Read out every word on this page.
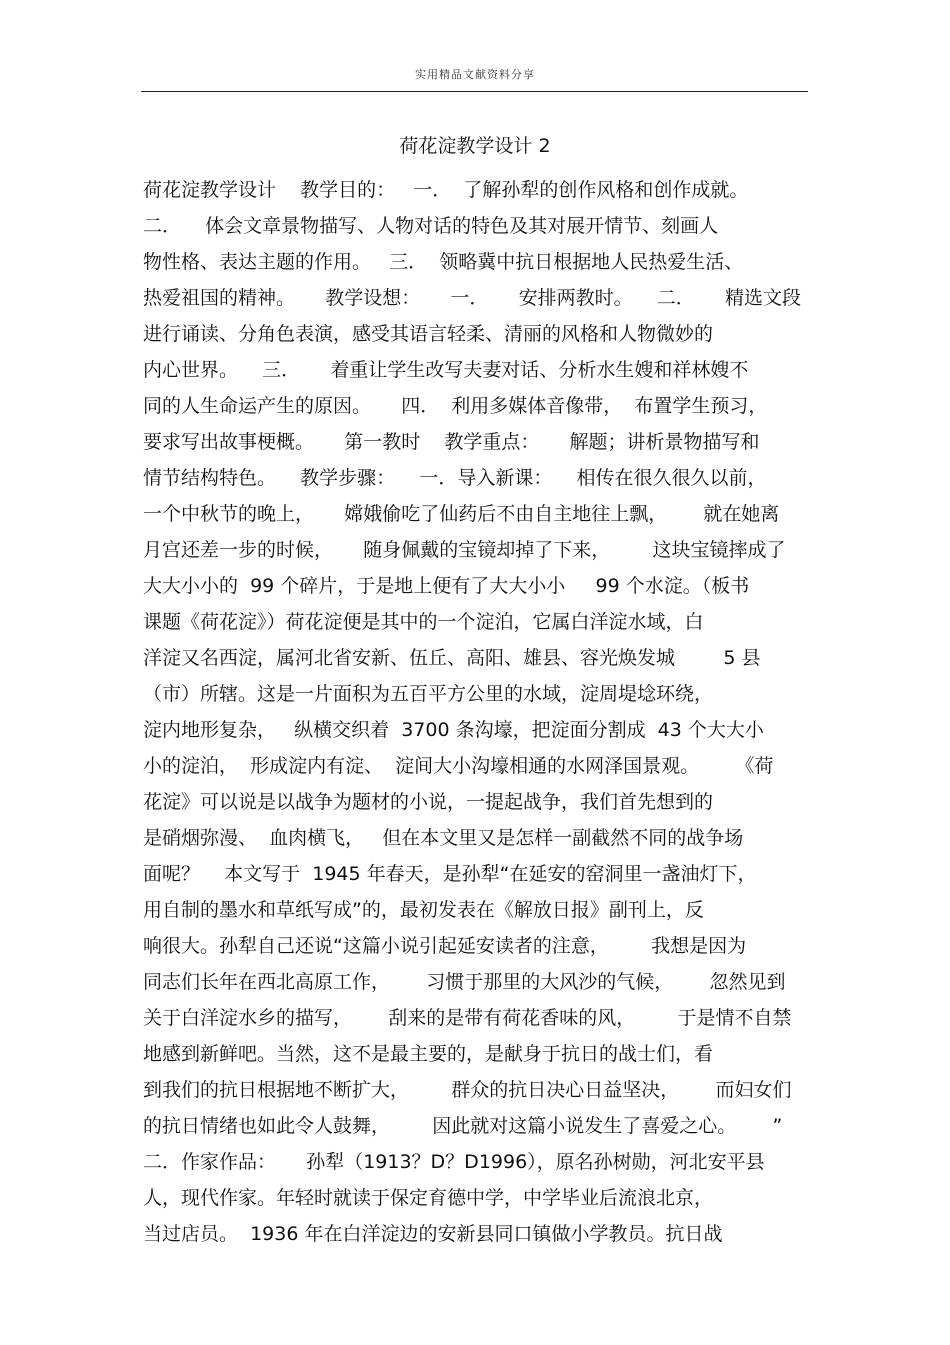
实用精品文献资料分享
荷花淀教学设计 2
荷花淀教学设计    教学目的：   一．  了解孙犁的创作风格和创作成就。
二．    体会文章景物描写、人物对话的特色及其对展开情节、刻画人
物性格、表达主题的作用。   三．  领略冀中抗日根据地人民热爱生活、
热爱祖国的精神。     教学设想：     一．     安排两教时。    二．     精选文段
进行诵读、分角色表演，感受其语言轻柔、清丽的风格和人物微妙的
内心世界。    三．     着重让学生改写夫妻对话、分析水生嫂和祥林嫂不
同的人生命运产生的原因。     四．  利用多媒体音像带，  布置学生预习，
要求写出故事梗概。     第一教时    教学重点：     解题；讲析景物描写和
情节结构特色。    教学步骤：    一．导入新课：    相传在很久很久以前，
一个中秋节的晚上，     嫦娥偷吃了仙药后不由自主地往上飘，      就在她离
月宫还差一步的时候，     随身佩戴的宝镜却掉了下来，       这块宝镜摔成了
大大小小的  99 个碎片，于是地上便有了大大小小     99 个水淀。（板书
课题《荷花淀》）荷花淀便是其中的一个淀泊，它属白洋淀水域，白
洋淀又名西淀，属河北省安新、伍丘、高阳、雄县、容光焕发城        5 县
（市）所辖。这是一片面积为五百平方公里的水域，淀周堤埝环绕，
淀内地形复杂，   纵横交织着  3700 条沟壕，把淀面分割成  43 个大大小
小的淀泊，  形成淀内有淀、  淀间大小沟壕相通的水网泽国景观。      《荷
花淀》可以说是以战争为题材的小说，一提起战争，我们首先想到的
是硝烟弥漫、  血肉横飞，   但在本文里又是怎样一副截然不同的战争场
面呢？    本文写于  1945 年春天，是孙犁“在延安的窑洞里一盏油灯下，
用自制的墨水和草纸写成”的，最初发表在《解放日报》副刊上，反
响很大。孙犁自己还说“这篇小说引起延安读者的注意，       我想是因为
同志们长年在西北高原工作，      习惯于那里的大风沙的气候，      忽然见到
关于白洋淀水乡的描写，      刮来的是带有荷花香味的风，       于是情不自禁
地感到新鲜吧。当然，这不是最主要的，是献身于抗日的战士们，看
到我们的抗日根据地不断扩大，       群众的抗日决心日益坚决，      而妇女们
的抗日情绪也如此令人鼓舞，       因此就对这篇小说发生了喜爱之心。      ”
二．作家作品：     孙犁（1913？D？D1996），原名孙树勋，河北安平县
人，现代作家。年轻时就读于保定育德中学，中学毕业后流浪北京，
当过店员。  1936 年在白洋淀边的安新县同口镇做小学教员。抗日战
